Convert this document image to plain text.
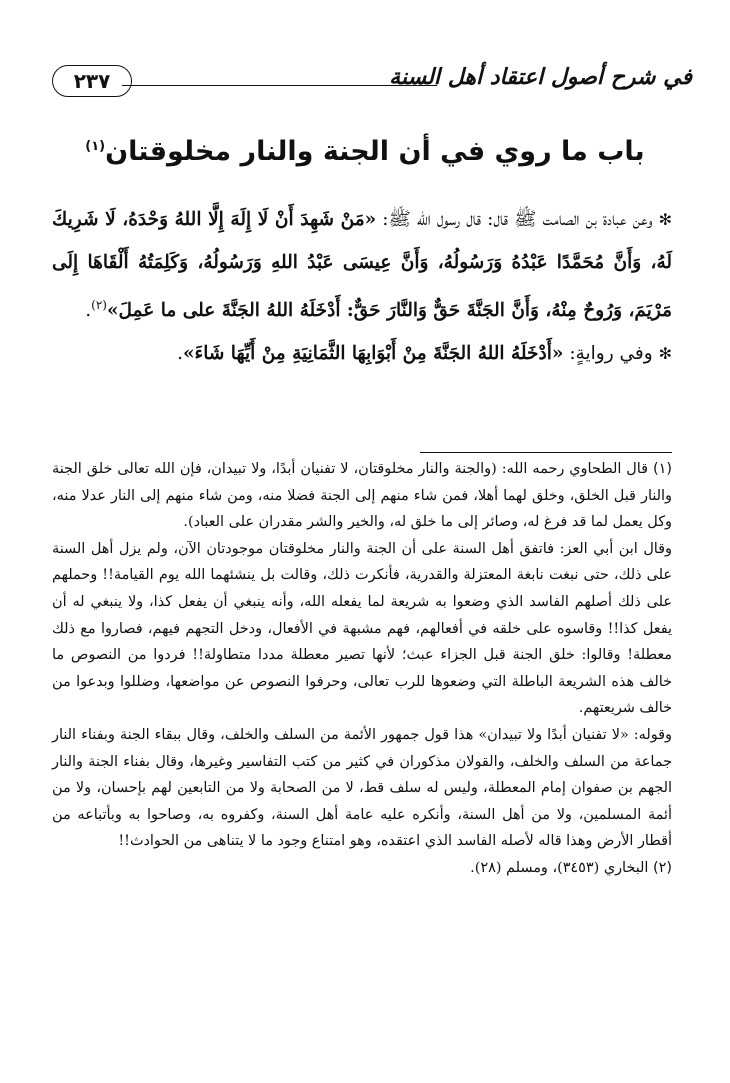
في شرح أصول اعتقاد أهل السنة
٢٣٧
باب ما روي في أن الجنة والنار مخلوقتان$^{(١)}$

✻ وعن عبادة بن الصامت ﷺ قال: قال رسول الله ﷺ: «مَنْ شَهِدَ أَنْ لَا إِلَهَ إِلَّا اللهُ وَحْدَهُ، لَا شَرِيكَ لَهُ، وَأَنَّ مُحَمَّدًا عَبْدُهُ وَرَسُولُهُ، وَأَنَّ عِيسَى عَبْدُ اللهِ وَرَسُولُهُ، وَكَلِمَتُهُ أَلْقَاهَا إِلَى مَرْيَمَ، وَرُوحٌ مِنْهُ، وَأَنَّ الجَنَّةَ حَقٌّ وَالنَّارَ حَقٌّ: أَدْخَلَهُ اللهُ الجَنَّةَ على ما عَمِلَ»$^{(٢)}$.

✻ وفي روايةٍ: «أَدْخَلَهُ اللهُ الجَنَّةَ مِنْ أَبْوَابِهَا الثَّمَانِيَةِ مِنْ أَيِّهَا شَاءَ».

(١) قال الطحاوي رحمه الله: (والجنة والنار مخلوقتان، لا تفنيان أبدًا، ولا تبيدان، فإن الله تعالى خلق الجنة والنار قبل الخلق، وخلق لهما أهلا، فمن شاء منهم إلى الجنة فضلا منه، ومن شاء منهم إلى النار عدلا منه، وكل يعمل لما قد فرغ له، وصائر إلى ما خلق له، والخير والشر مقدران على العباد).

وقال ابن أبي العز: فاتفق أهل السنة على أن الجنة والنار مخلوقتان موجودتان الآن، ولم يزل أهل السنة على ذلك، حتى نبغت نابغة المعتزلة والقدرية، فأنكرت ذلك، وقالت بل ينشئهما الله يوم القيامة!! وحملهم على ذلك أصلهم الفاسد الذي وضعوا به شريعة لما يفعله الله، وأنه ينبغي أن يفعل كذا، ولا ينبغي له أن يفعل كذا!! وقاسوه على خلقه في أفعالهم، فهم مشبهة في الأفعال، ودخل التجهم فيهم، فصاروا مع ذلك معطلة! وقالوا: خلق الجنة قبل الجزاء عبث؛ لأنها تصير معطلة مددا متطاولة!! فردوا من النصوص ما خالف هذه الشريعة الباطلة التي وضعوها للرب تعالى، وحرفوا النصوص عن مواضعها، وضللوا وبدعوا من خالف شريعتهم.

وقوله: «لا تفنيان أبدًا ولا تبيدان» هذا قول جمهور الأئمة من السلف والخلف، وقال ببقاء الجنة وبفناء النار جماعة من السلف والخلف، والقولان مذكوران في كثير من كتب التفاسير وغيرها، وقال بفناء الجنة والنار الجهم بن صفوان إمام المعطلة، وليس له سلف قط، لا من الصحابة ولا من التابعين لهم بإحسان، ولا من أئمة المسلمين، ولا من أهل السنة، وأنكره عليه عامة أهل السنة، وكفروه به، وصاحوا به وبأتباعه من أقطار الأرض وهذا قاله لأصله الفاسد الذي اعتقده، وهو امتناع وجود ما لا يتناهى من الحوادث!!

(٢) البخاري (٣٤٥٣)، ومسلم (٢٨).
